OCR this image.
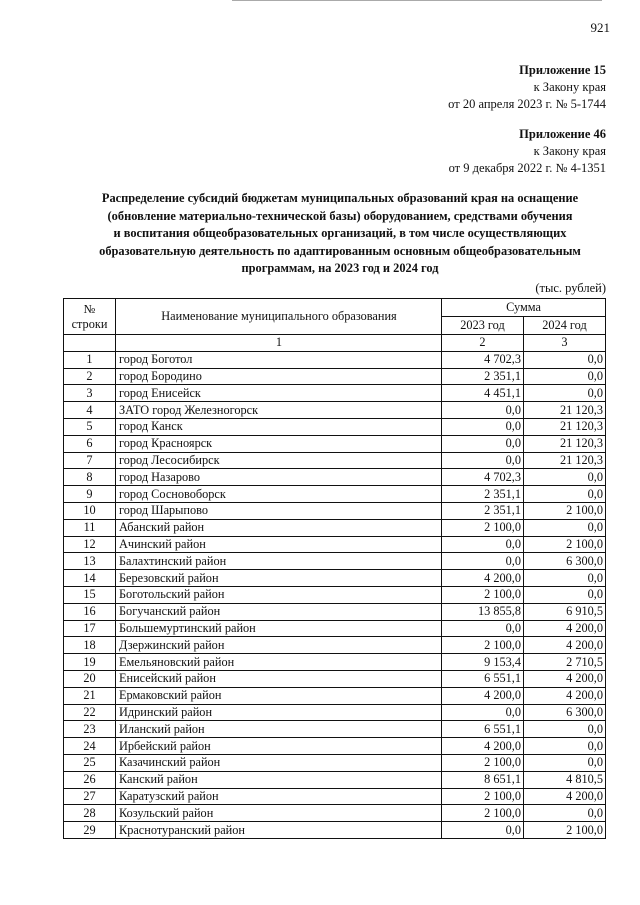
921
Приложение 15
к Закону края
от 20 апреля 2023 г. № 5-1744
Приложение 46
к Закону края
от 9 декабря 2022 г. № 4-1351
Распределение субсидий бюджетам муниципальных образований края на оснащение
(обновление материально-технической базы) оборудованием, средствами обучения
и воспитания общеобразовательных организаций, в том числе осуществляющих
образовательную деятельность по адаптированным основным общеобразовательным
программам, на 2023 год и 2024 год
(тыс. рублей)
№
строки	Наименование муниципального образования	Сумма	
		2023 год	2024 год
	1	2	3
1	город Боготол	4 702,3	0,0
2	город Бородино	2 351,1	0,0
3	город Енисейск	4 451,1	0,0
4	ЗАТО город Железногорск	0,0	21 120,3
5	город Канск	0,0	21 120,3
6	город Красноярск	0,0	21 120,3
7	город Лесосибирск	0,0	21 120,3
8	город Назарово	4 702,3	0,0
9	город Сосновоборск	2 351,1	0,0
10	город Шарыпово	2 351,1	2 100,0
11	Абанский район	2 100,0	0,0
12	Ачинский район	0,0	2 100,0
13	Балахтинский район	0,0	6 300,0
14	Березовский район	4 200,0	0,0
15	Боготольский район	2 100,0	0,0
16	Богучанский район	13 855,8	6 910,5
17	Большемуртинский район	0,0	4 200,0
18	Дзержинский район	2 100,0	4 200,0
19	Емельяновский район	9 153,4	2 710,5
20	Енисейский район	6 551,1	4 200,0
21	Ермаковский район	4 200,0	4 200,0
22	Идринский район	0,0	6 300,0
23	Иланский район	6 551,1	0,0
24	Ирбейский район	4 200,0	0,0
25	Казачинский район	2 100,0	0,0
26	Канский район	8 651,1	4 810,5
27	Каратузский район	2 100,0	4 200,0
28	Козульский район	2 100,0	0,0
29	Краснотуранский район	0,0	2 100,0
